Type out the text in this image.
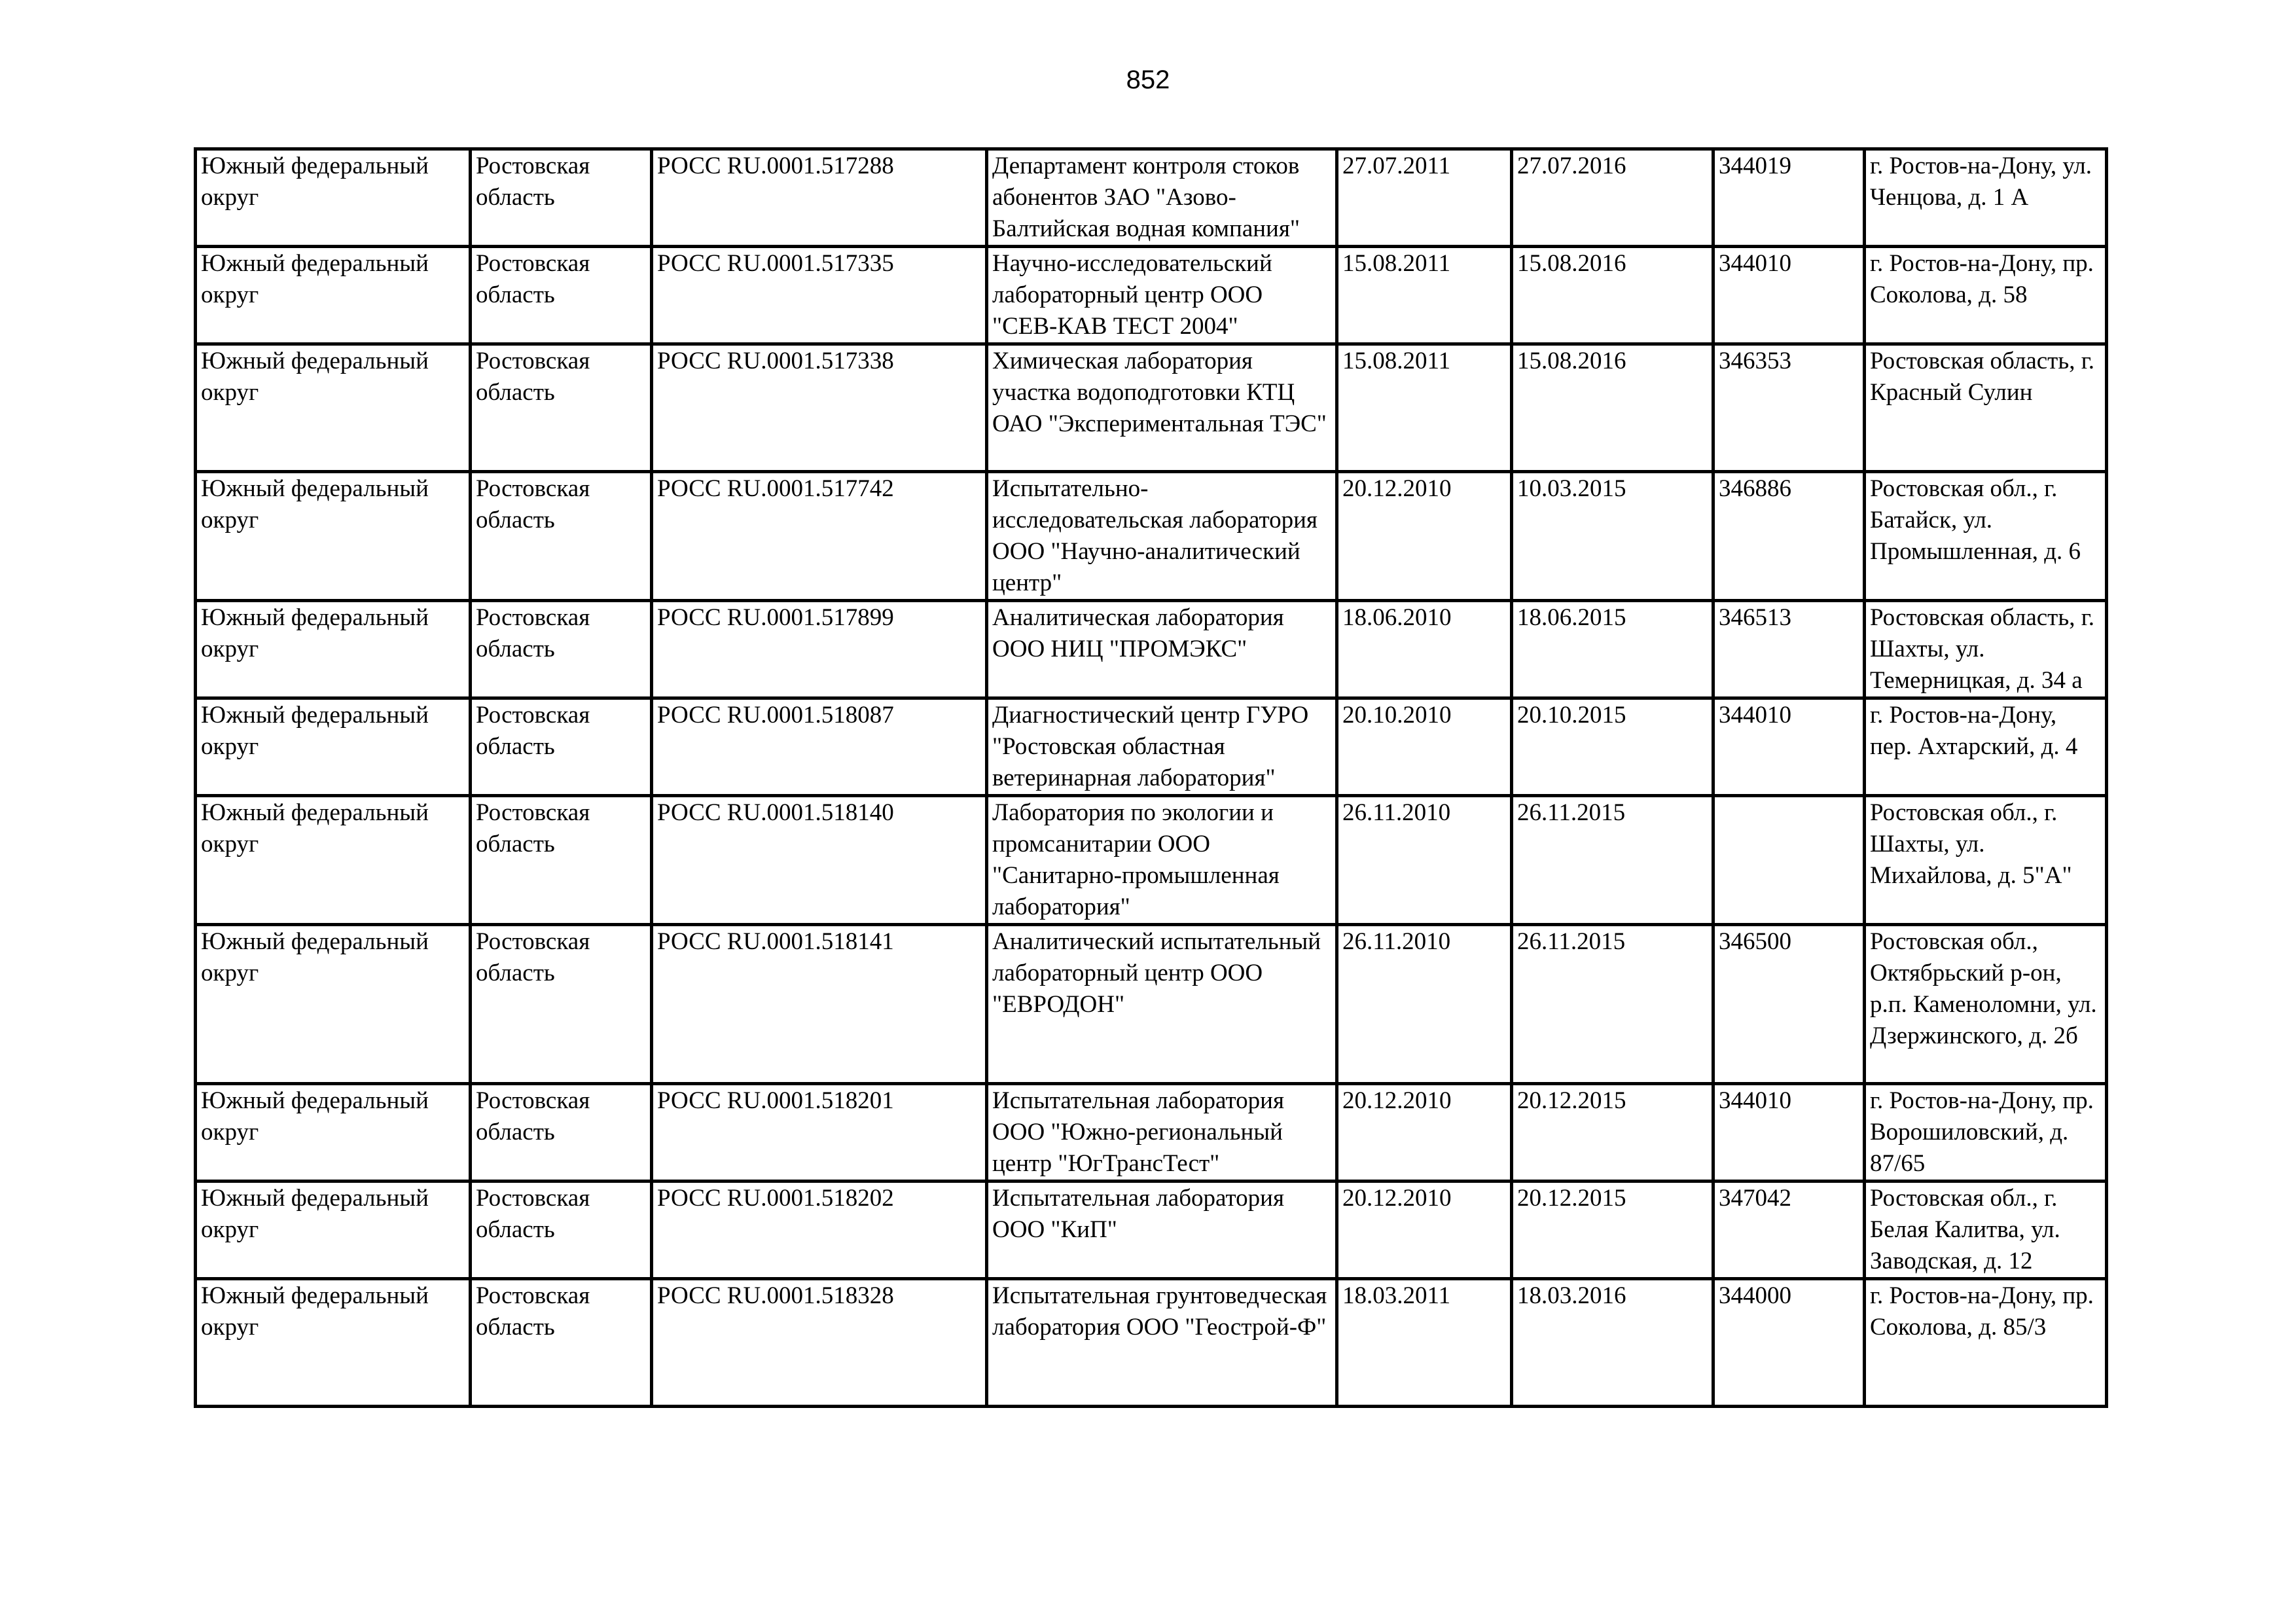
852
Южный федеральный округ	Ростовская область	РОСС RU.0001.517288	Департамент контроля стоков абонентов ЗАО "Азово-Балтийская водная компания"	27.07.2011	27.07.2016	344019	г. Ростов-на-Дону, ул. Ченцова, д. 1 А
Южный федеральный округ	Ростовская область	РОСС RU.0001.517335	Научно-исследовательский лабораторный центр ООО "СЕВ-КАВ ТЕСТ 2004"	15.08.2011	15.08.2016	344010	г. Ростов-на-Дону, пр. Соколова, д. 58
Южный федеральный округ	Ростовская область	РОСС RU.0001.517338	Химическая лаборатория участка водоподготовки КТЦ ОАО "Экспериментальная ТЭС"	15.08.2011	15.08.2016	346353	Ростовская область, г. Красный Сулин
Южный федеральный округ	Ростовская область	РОСС RU.0001.517742	Испытательно-исследовательская лаборатория ООО "Научно-аналитический центр"	20.12.2010	10.03.2015	346886	Ростовская обл., г. Батайск, ул. Промышленная, д. 6
Южный федеральный округ	Ростовская область	РОСС RU.0001.517899	Аналитическая лаборатория ООО НИЦ "ПРОМЭКС"	18.06.2010	18.06.2015	346513	Ростовская область, г. Шахты, ул. Темерницкая, д. 34 а
Южный федеральный округ	Ростовская область	РОСС RU.0001.518087	Диагностический центр ГУРО "Ростовская областная ветеринарная лаборатория"	20.10.2010	20.10.2015	344010	г. Ростов-на-Дону, пер. Ахтарский, д. 4
Южный федеральный округ	Ростовская область	РОСС RU.0001.518140	Лаборатория по экологии и промсанитарии ООО "Санитарно-промышленная лаборатория"	26.11.2010	26.11.2015		Ростовская обл., г. Шахты, ул. Михайлова, д. 5"А"
Южный федеральный округ	Ростовская область	РОСС RU.0001.518141	Аналитический испытательный лабораторный центр ООО "ЕВРОДОН"	26.11.2010	26.11.2015	346500	Ростовская обл., Октябрьский р-он, р.п. Каменоломни, ул. Дзержинского, д. 2б
Южный федеральный округ	Ростовская область	РОСС RU.0001.518201	Испытательная лаборатория ООО "Южно-региональный центр "ЮгТрансТест"	20.12.2010	20.12.2015	344010	г. Ростов-на-Дону, пр. Ворошиловский, д. 87/65
Южный федеральный округ	Ростовская область	РОСС RU.0001.518202	Испытательная лаборатория ООО "КиП"	20.12.2010	20.12.2015	347042	Ростовская обл., г. Белая Калитва, ул. Заводская, д. 12
Южный федеральный округ	Ростовская область	РОСС RU.0001.518328	Испытательная грунтоведческая лаборатория ООО "Геострой-Ф"	18.03.2011	18.03.2016	344000	г. Ростов-на-Дону, пр. Соколова, д. 85/3
